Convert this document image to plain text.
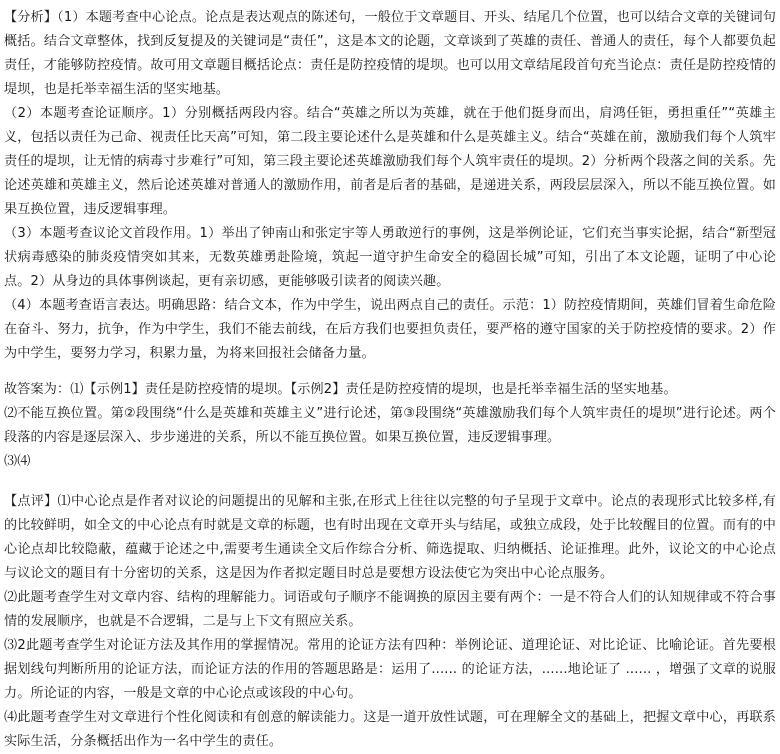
【分析】（1）本题考查中心论点。论点是表达观点的陈述句，一般位于文章题目、开头、结尾几个位置，也可以结合文章的关键词句概括。结合文章整体，找到反复提及的关键词是“责任”，这是本文的论题，文章谈到了英雄的责任、普通人的责任，每个人都要负起责任，才能够防控疫情。故可用文章题目概括论点：责任是防控疫情的堤坝。也可以用文章结尾段首句充当论点：责任是防控疫情的堤坝，也是托举幸福生活的坚实地基。

（2）本题考查论证顺序。1）分别概括两段内容。结合“英雄之所以为英雄，就在于他们挺身而出，肩鸿任钜，勇担重任”“英雄主义，包括以责任为己命、视责任比天高”可知，第二段主要论述什么是英雄和什么是英雄主义。结合“英雄在前，激励我们每个人筑牢责任的堤坝，让无情的病毒寸步难行”可知，第三段主要论述英雄激励我们每个人筑牢责任的堤坝。2）分析两个段落之间的关系。先论述英雄和英雄主义，然后论述英雄对普通人的激励作用，前者是后者的基础，是递进关系，两段层层深入，所以不能互换位置。如果互换位置，违反逻辑事理。

（3）本题考查议论文首段作用。1）举出了钟南山和张定宇等人勇敢逆行的事例，这是举例论证，它们充当事实论据，结合“新型冠状病毒感染的肺炎疫情突如其来，无数英雄勇赴险境，筑起一道守护生命安全的稳固长城”可知，引出了本文论题，证明了中心论点。2）从身边的具体事例谈起，更有亲切感，更能够吸引读者的阅读兴趣。

（4）本题考查语言表达。明确思路：结合文本，作为中学生，说出两点自己的责任。示范：1）防控疫情期间，英雄们冒着生命危险在奋斗、努力，抗争，作为中学生，我们不能去前线，在后方我们也要担负责任，要严格的遵守国家的关于防控疫情的要求。2）作为中学生，要努力学习，积累力量，为将来回报社会储备力量。

故答案为：⑴【示例1】责任是防控疫情的堤坝。【示例2】责任是防控疫情的堤坝，也是托举幸福生活的坚实地基。

⑵不能互换位置。第②段围绕“什么是英雄和英雄主义”进行论述，第③段围绕“英雄激励我们每个人筑牢责任的堤坝”进行论述。两个段落的内容是逐层深入、步步递进的关系，所以不能互换位置。如果互换位置，违反逻辑事理。

⑶⑷

【点评】⑴中心论点是作者对议论的问题提出的见解和主张,在形式上往往以完整的句子呈现于文章中。论点的表现形式比较多样,有的比较鲜明，如全文的中心论点有时就是文章的标题，也有时出现在文章开头与结尾，或独立成段，处于比较醒目的位置。而有的中心论点却比较隐蔽，蕴藏于论述之中,需要考生通读全文后作综合分析、筛选提取、归纳概括、论证推理。此外，议论文的中心论点与议论文的题目有十分密切的关系，这是因为作者拟定题目时总是要想方设法使它为突出中心论点服务。

⑵此题考查学生对文章内容、结构的理解能力。词语或句子顺序不能调换的原因主要有两个：一是不符合人们的认知规律或不符合事情的发展顺序，也就是不合逻辑，二是与上下文有照应关系。

⑶2此题考查学生对论证方法及其作用的掌握情况。常用的论证方法有四种：举例论证、道理论证、对比论证、比喻论证。首先要根据划线句判断所用的论证方法，而论证方法的作用的答题思路是：运用了...... 的论证方法，......地论证了 ...... ，增强了文章的说服力。所论证的内容，一般是文章的中心论点或该段的中心句。

⑷此题考查学生对文章进行个性化阅读和有创意的解读能力。这是一道开放性试题，可在理解全文的基础上，把握文章中心，再联系实际生活，分条概括出作为一名中学生的责任。
